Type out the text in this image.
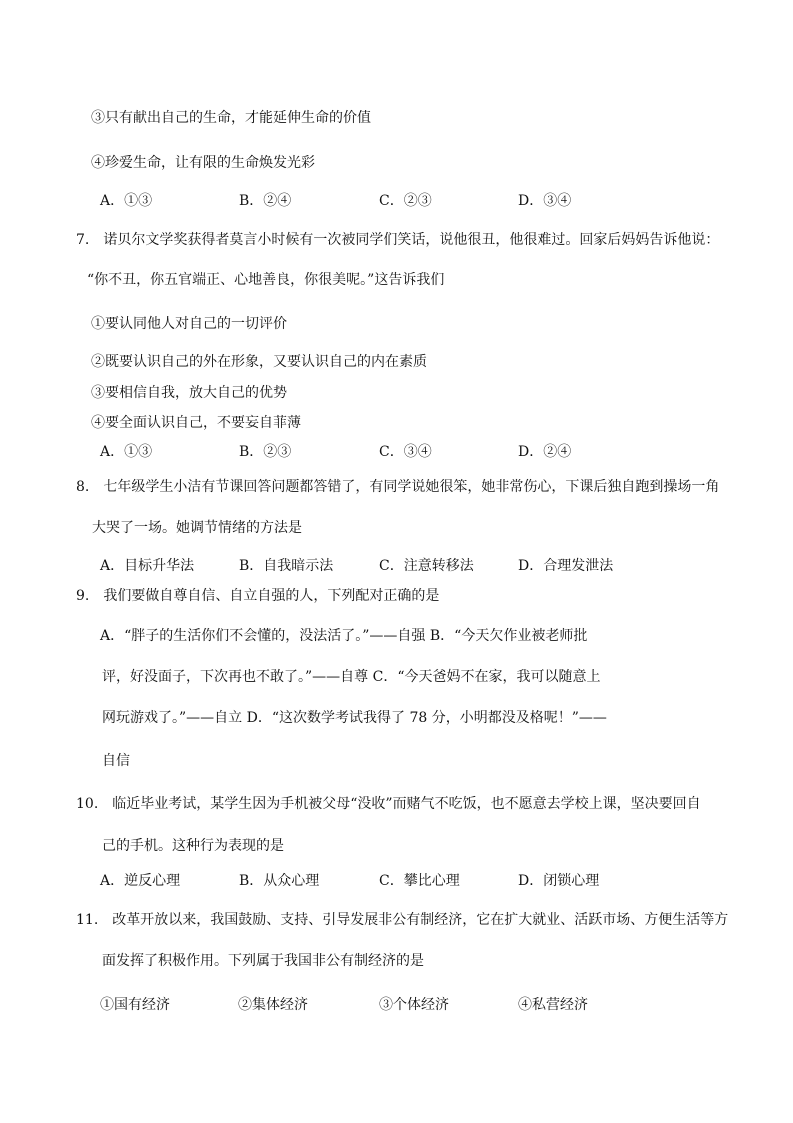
③只有献出自己的生命，才能延伸生命的价值
④珍爱生命，让有限的生命焕发光彩
A．①③	B．②④	C．②③	D．③④
7.　诺贝尔文学奖获得者莫言小时候有一次被同学们笑话，说他很丑，他很难过。回家后妈妈告诉他说：
“你不丑，你五官端正、心地善良，你很美呢。”这告诉我们
①要认同他人对自己的一切评价
②既要认识自己的外在形象，又要认识自己的内在素质
③要相信自我，放大自己的优势
④要全面认识自己，不要妄自菲薄
A．①③	B．②③	C．③④	D．②④
8.　七年级学生小洁有节课回答问题都答错了，有同学说她很笨，她非常伤心，下课后独自跑到操场一角
大哭了一场。她调节情绪的方法是
A．目标升华法	B．自我暗示法	C．注意转移法	D．合理发泄法
9.　我们要做自尊自信、自立自强的人，下列配对正确的是
A．“胖子的生活你们不会懂的，没法活了。”——自强 B．“今天欠作业被老师批
评，好没面子，下次再也不敢了。”——自尊 C．“今天爸妈不在家，我可以随意上
网玩游戏了。”——自立 D．“这次数学考试我得了 78 分，小明都没及格呢！”——
自信
10.　临近毕业考试，某学生因为手机被父母“没收”而赌气不吃饭，也不愿意去学校上课，坚决要回自
己的手机。这种行为表现的是
A．逆反心理	B．从众心理	C．攀比心理	D．闭锁心理
11.　改革开放以来，我国鼓励、支持、引导发展非公有制经济，它在扩大就业、活跃市场、方便生活等方
面发挥了积极作用。下列属于我国非公有制经济的是
①国有经济	②集体经济	③个体经济	④私营经济
